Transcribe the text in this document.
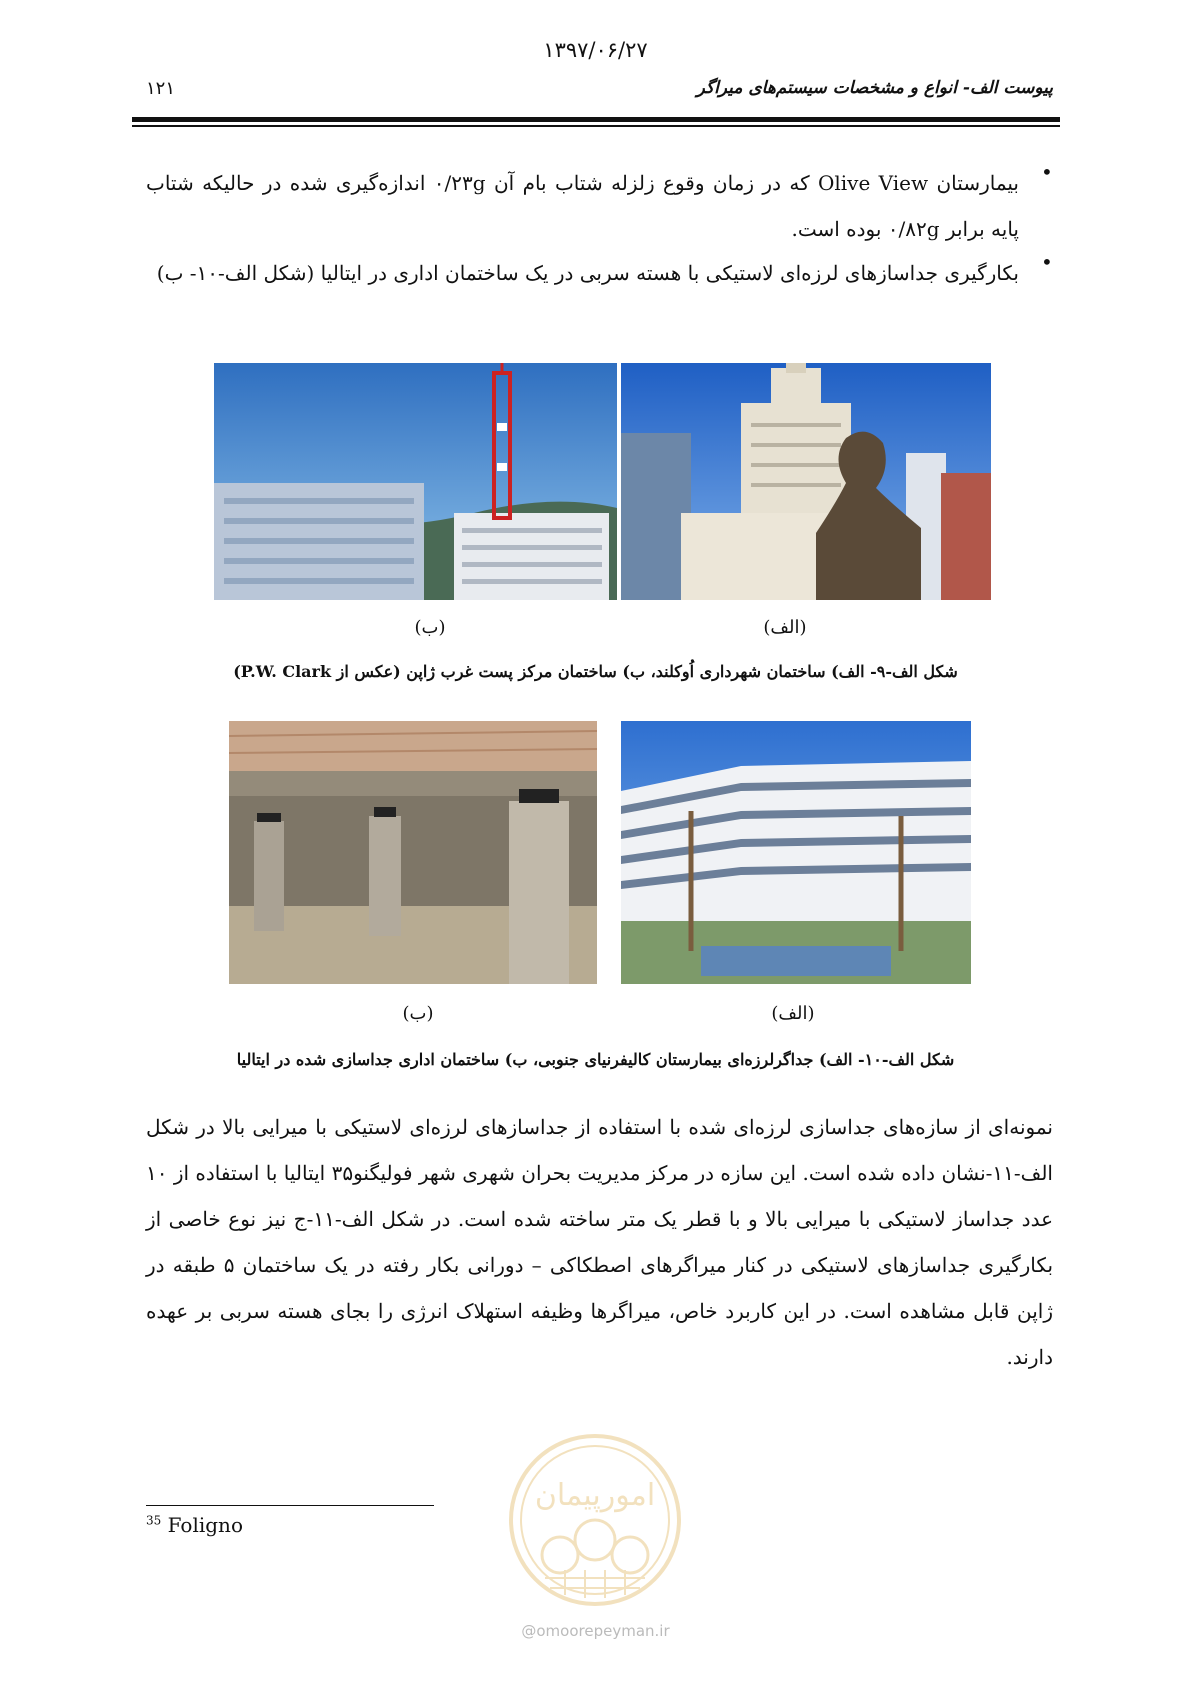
۱۳۹۷/۰۶/۲۷
۱۲۱	پیوست الف- انواع و مشخصات سیستم‌های میراگر
•
بیمارستان Olive View که در زمان وقوع زلزله شتاب بام آن ۰/۲۳g اندازه‌گیری شده در حالیکه شتاب پایه برابر ۰/۸۲g بوده است.
•
بکارگیری جداسازهای لرزه‌ای لاستیکی با هسته سربی در یک ساختمان اداری در ایتالیا (شکل الف-۱۰- ب)
(ب)	(الف)
شکل الف-۹- الف) ساختمان شهرداری اُوکلند، ب) ساختمان مرکز پست غرب ژاپن (عکس از P.W. Clark)
(ب)	(الف)
شکل الف-۱۰- الف) جداگرلرزه‌ای بیمارستان کالیفرنیای جنوبی، ب) ساختمان اداری جداسازی شده در ایتالیا
نمونه‌ای از سازه‌های جداسازی لرزه‌ای شده با استفاده از جداسازهای لرزه‌ای لاستیکی با میرایی بالا در شکل الف-۱۱-نشان داده شده است. این سازه در مرکز مدیریت بحران شهری شهر فولیگنو۳۵ ایتالیا با استفاده از ۱۰ عدد جداساز لاستیکی با میرایی بالا و با قطر یک متر ساخته شده است. در شکل الف-۱۱-ج نیز نوع خاصی از بکارگیری جداسازهای لاستیکی در کنار میراگرهای اصطکاکی – دورانی بکار رفته در یک ساختمان ۵ طبقه در ژاپن قابل مشاهده است. در این کاربرد خاص، میراگرها وظیفه استهلاک انرژی را بجای هسته سربی بر عهده دارند.
$^{35}$ Foligno
امورپیمان
@omoorepeyman.ir
